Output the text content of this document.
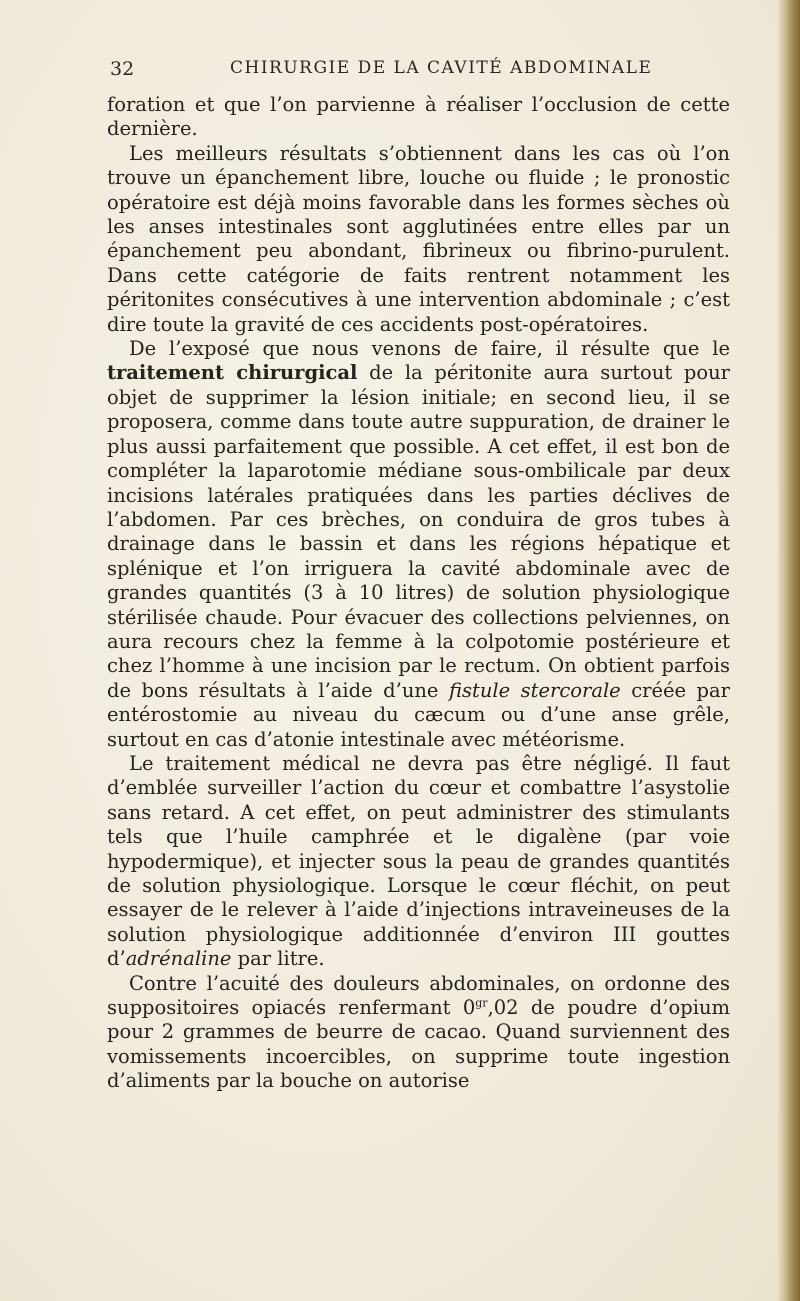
32	CHIRURGIE DE LA CAVITÉ ABDOMINALE

foration et que l’on parvienne à réaliser l’occlusion de cette dernière.

Les meilleurs résultats s’obtiennent dans les cas où l’on trouve un épanchement libre, louche ou fluide ; le pronostic opératoire est déjà moins favorable dans les formes sèches où les anses intestinales sont agglutinées entre elles par un épanchement peu abondant, fibrineux ou fibrino-purulent. Dans cette catégorie de faits rentrent notamment les péritonites consécutives à une intervention abdominale ; c’est dire toute la gravité de ces accidents post-opératoires.

De l’exposé que nous venons de faire, il résulte que le traitement chirurgical de la péritonite aura surtout pour objet de supprimer la lésion initiale; en second lieu, il se proposera, comme dans toute autre suppuration, de drainer le plus aussi parfaitement que possible. A cet effet, il est bon de compléter la laparotomie médiane sous-ombilicale par deux incisions latérales pratiquées dans les parties déclives de l’abdomen. Par ces brèches, on conduira de gros tubes à drainage dans le bassin et dans les régions hépatique et splénique et l’on irriguera la cavité abdominale avec de grandes quantités (3 à 10 litres) de solution physiologique stérilisée chaude. Pour évacuer des collections pelviennes, on aura recours chez la femme à la colpotomie postérieure et chez l’homme à une incision par le rectum. On obtient parfois de bons résultats à l’aide d’une fistule stercorale créée par entérostomie au niveau du cæcum ou d’une anse grêle, surtout en cas d’atonie intestinale avec météorisme.

Le traitement médical ne devra pas être négligé. Il faut d’emblée surveiller l’action du cœur et combattre l’asystolie sans retard. A cet effet, on peut administrer des stimulants tels que l’huile camphrée et le digalène (par voie hypodermique), et injecter sous la peau de grandes quantités de solution physiologique. Lorsque le cœur fléchit, on peut essayer de le relever à l’aide d’injections intraveineuses de la solution physiologique additionnée d’environ III gouttes d’adrénaline par litre.

Contre l’acuité des douleurs abdominales, on ordonne des suppositoires opiacés renfermant $0^{gr},02$ de poudre d’opium pour 2 grammes de beurre de cacao. Quand surviennent des vomissements incoercibles, on supprime toute ingestion d’aliments par la bouche on autorise
